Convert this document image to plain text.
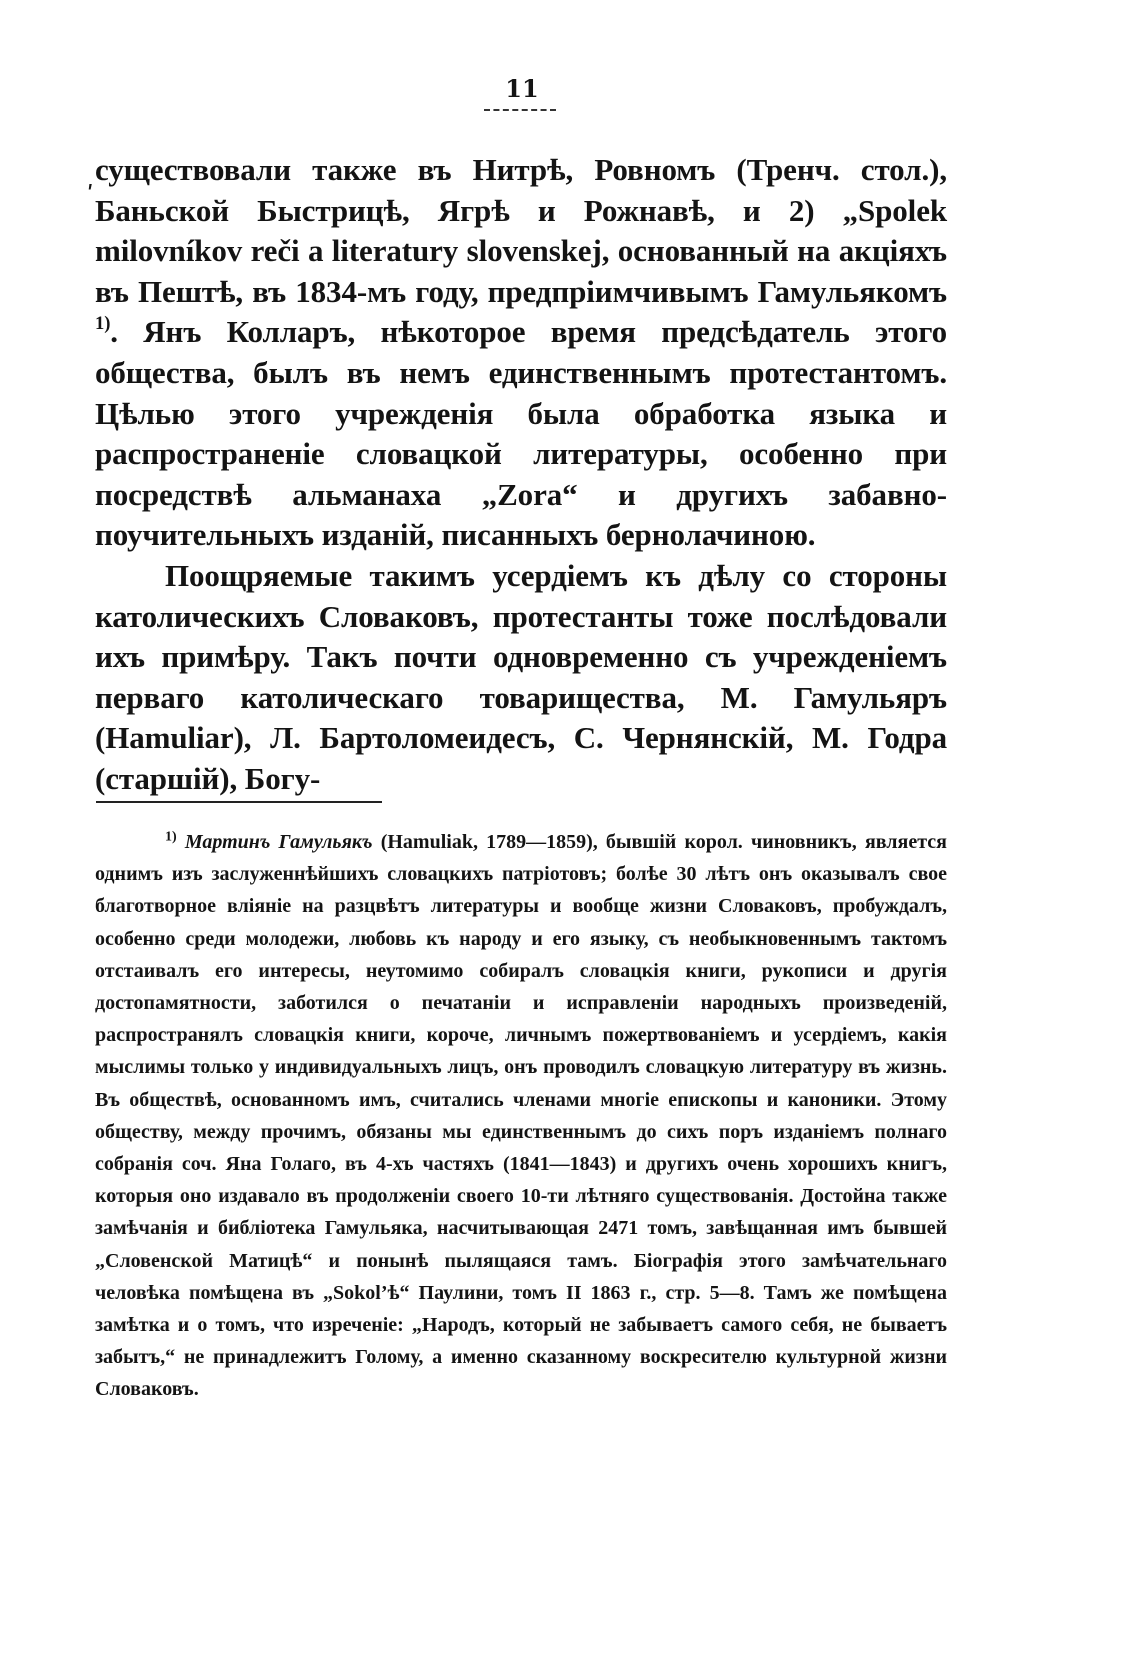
11
ʹ

существовали также въ Нитрѣ, Ровномъ (Тренч. стол.), Баньской Быстрицѣ, Ягрѣ и Рожнавѣ, и 2) „Spolek milovníkov reči a literatury slovenskej, основанный на акціяхъ въ Пештѣ, въ 1834-мъ году, предпріимчивымъ Гамульякомъ $^{1)}$. Янъ Колларъ, нѣкоторое время предсѣдатель этого общества, былъ въ немъ единственнымъ протестантомъ. Цѣлью этого учрежденія была обработка языка и распространеніе словацкой литературы, особенно при посредствѣ альманаха „Zora“ и другихъ забавно-поучительныхъ изданій, писанныхъ бернолачиною.

Поощряемые такимъ усердіемъ къ дѣлу со стороны католическихъ Словаковъ, протестанты тоже послѣдовали ихъ примѣру. Такъ почти одновременно съ учрежденіемъ перваго католическаго товарищества, М. Гамульяръ (Hamuliar), Л. Бартоломеидесъ, С. Чернянскій, М. Годра (старшій), Богу-

$^{1)}$ Мартинъ Гамульякъ (Hamuliak, 1789—1859), бывшій корол. чиновникъ, является однимъ изъ заслуженнѣйшихъ словацкихъ патріотовъ; болѣе 30 лѣтъ онъ оказывалъ свое благотворное вліяніе на разцвѣтъ литературы и вообще жизни Словаковъ, пробуждалъ, особенно среди молодежи, любовь къ народу и его языку, съ необыкновеннымъ тактомъ отстаивалъ его интересы, неутомимо собиралъ словацкія книги, рукописи и другія достопамятности, заботился о печатаніи и исправленіи народныхъ произведеній, распространялъ словацкія книги, короче, личнымъ пожертвованіемъ и усердіемъ, какія мыслимы только у индивидуальныхъ лицъ, онъ проводилъ словацкую литературу въ жизнь. Въ обществѣ, основанномъ имъ, считались членами многіе епископы и каноники. Этому обществу, между прочимъ, обязаны мы единственнымъ до сихъ поръ изданіемъ полнаго собранія соч. Яна Голаго, въ 4-хъ частяхъ (1841—1843) и другихъ очень хорошихъ книгъ, которыя оно издавало въ продолженіи своего 10-ти лѣтняго существованія. Достойна также замѣчанія и библіотека Гамульяка, насчитывающая 2471 томъ, завѣщанная имъ бывшей „Словенской Матицѣ“ и понынѣ пылящаяся тамъ. Біографія этого замѣчательнаго человѣка помѣщена въ „Sokol’ѣ“ Паулини, томъ II 1863 г., стр. 5—8. Тамъ же помѣщена замѣтка и о томъ, что изреченіе: „Народъ, который не забываетъ самого себя, не бываетъ забытъ,“ не принадлежитъ Голому, а именно сказанному воскресителю культурной жизни Словаковъ.
